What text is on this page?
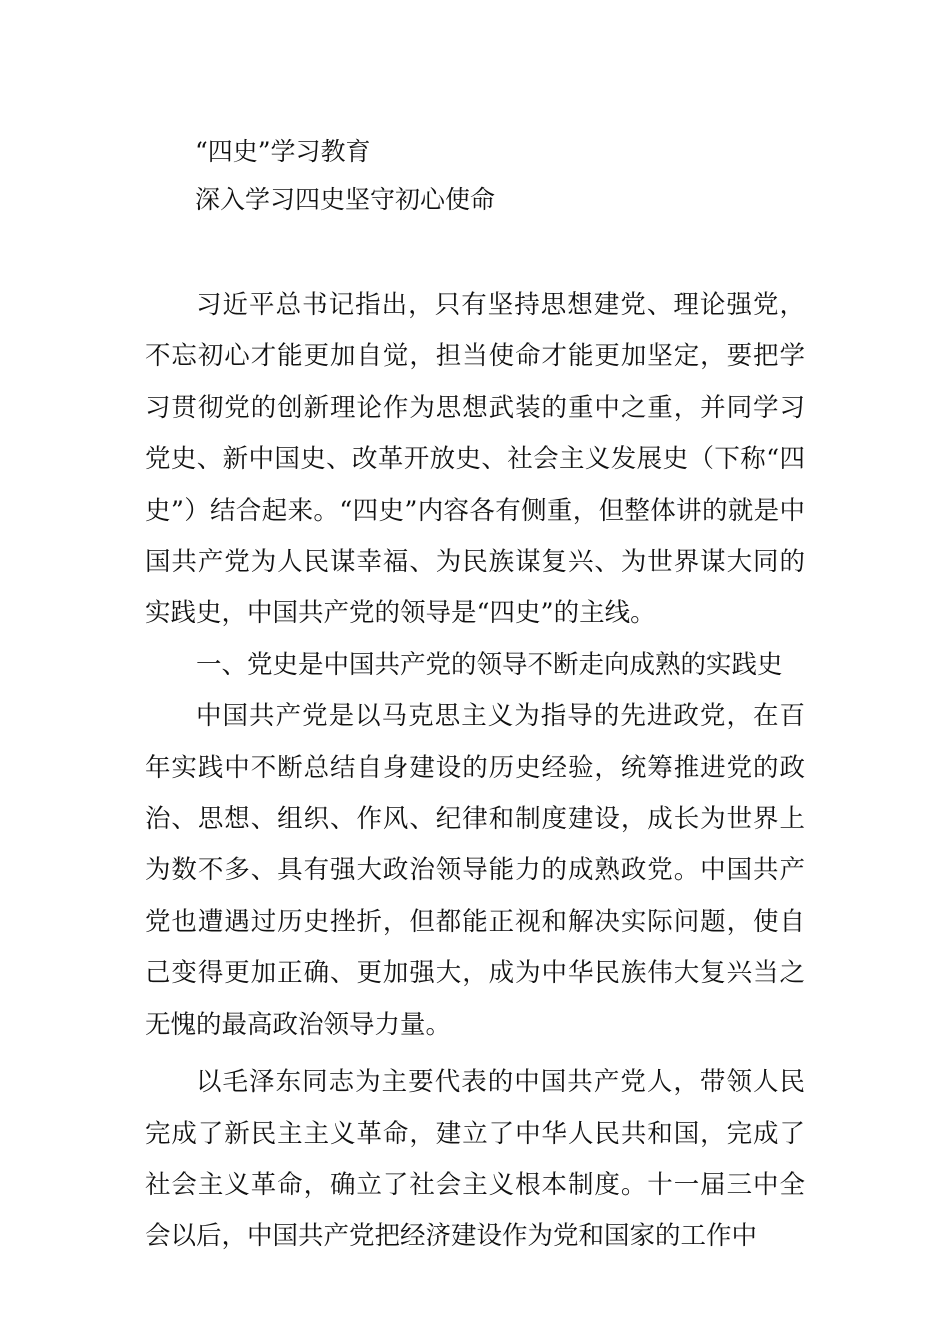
“四史”学习教育
深入学习四史坚守初心使命

习近平总书记指出，只有坚持思想建党、理论强党，不忘初心才能更加自觉，担当使命才能更加坚定，要把学习贯彻党的创新理论作为思想武装的重中之重，并同学习党史、新中国史、改革开放史、社会主义发展史（下称“四史”）结合起来。“四史”内容各有侧重，但整体讲的就是中国共产党为人民谋幸福、为民族谋复兴、为世界谋大同的实践史，中国共产党的领导是“四史”的主线。

一、党史是中国共产党的领导不断走向成熟的实践史

中国共产党是以马克思主义为指导的先进政党，在百年实践中不断总结自身建设的历史经验，统筹推进党的政治、思想、组织、作风、纪律和制度建设，成长为世界上为数不多、具有强大政治领导能力的成熟政党。中国共产党也遭遇过历史挫折，但都能正视和解决实际问题，使自己变得更加正确、更加强大，成为中华民族伟大复兴当之无愧的最高政治领导力量。

以毛泽东同志为主要代表的中国共产党人，带领人民完成了新民主主义革命，建立了中华人民共和国，完成了社会主义革命，确立了社会主义根本制度。十一届三中全会以后，中国共产党把经济建设作为党和国家的工作中
